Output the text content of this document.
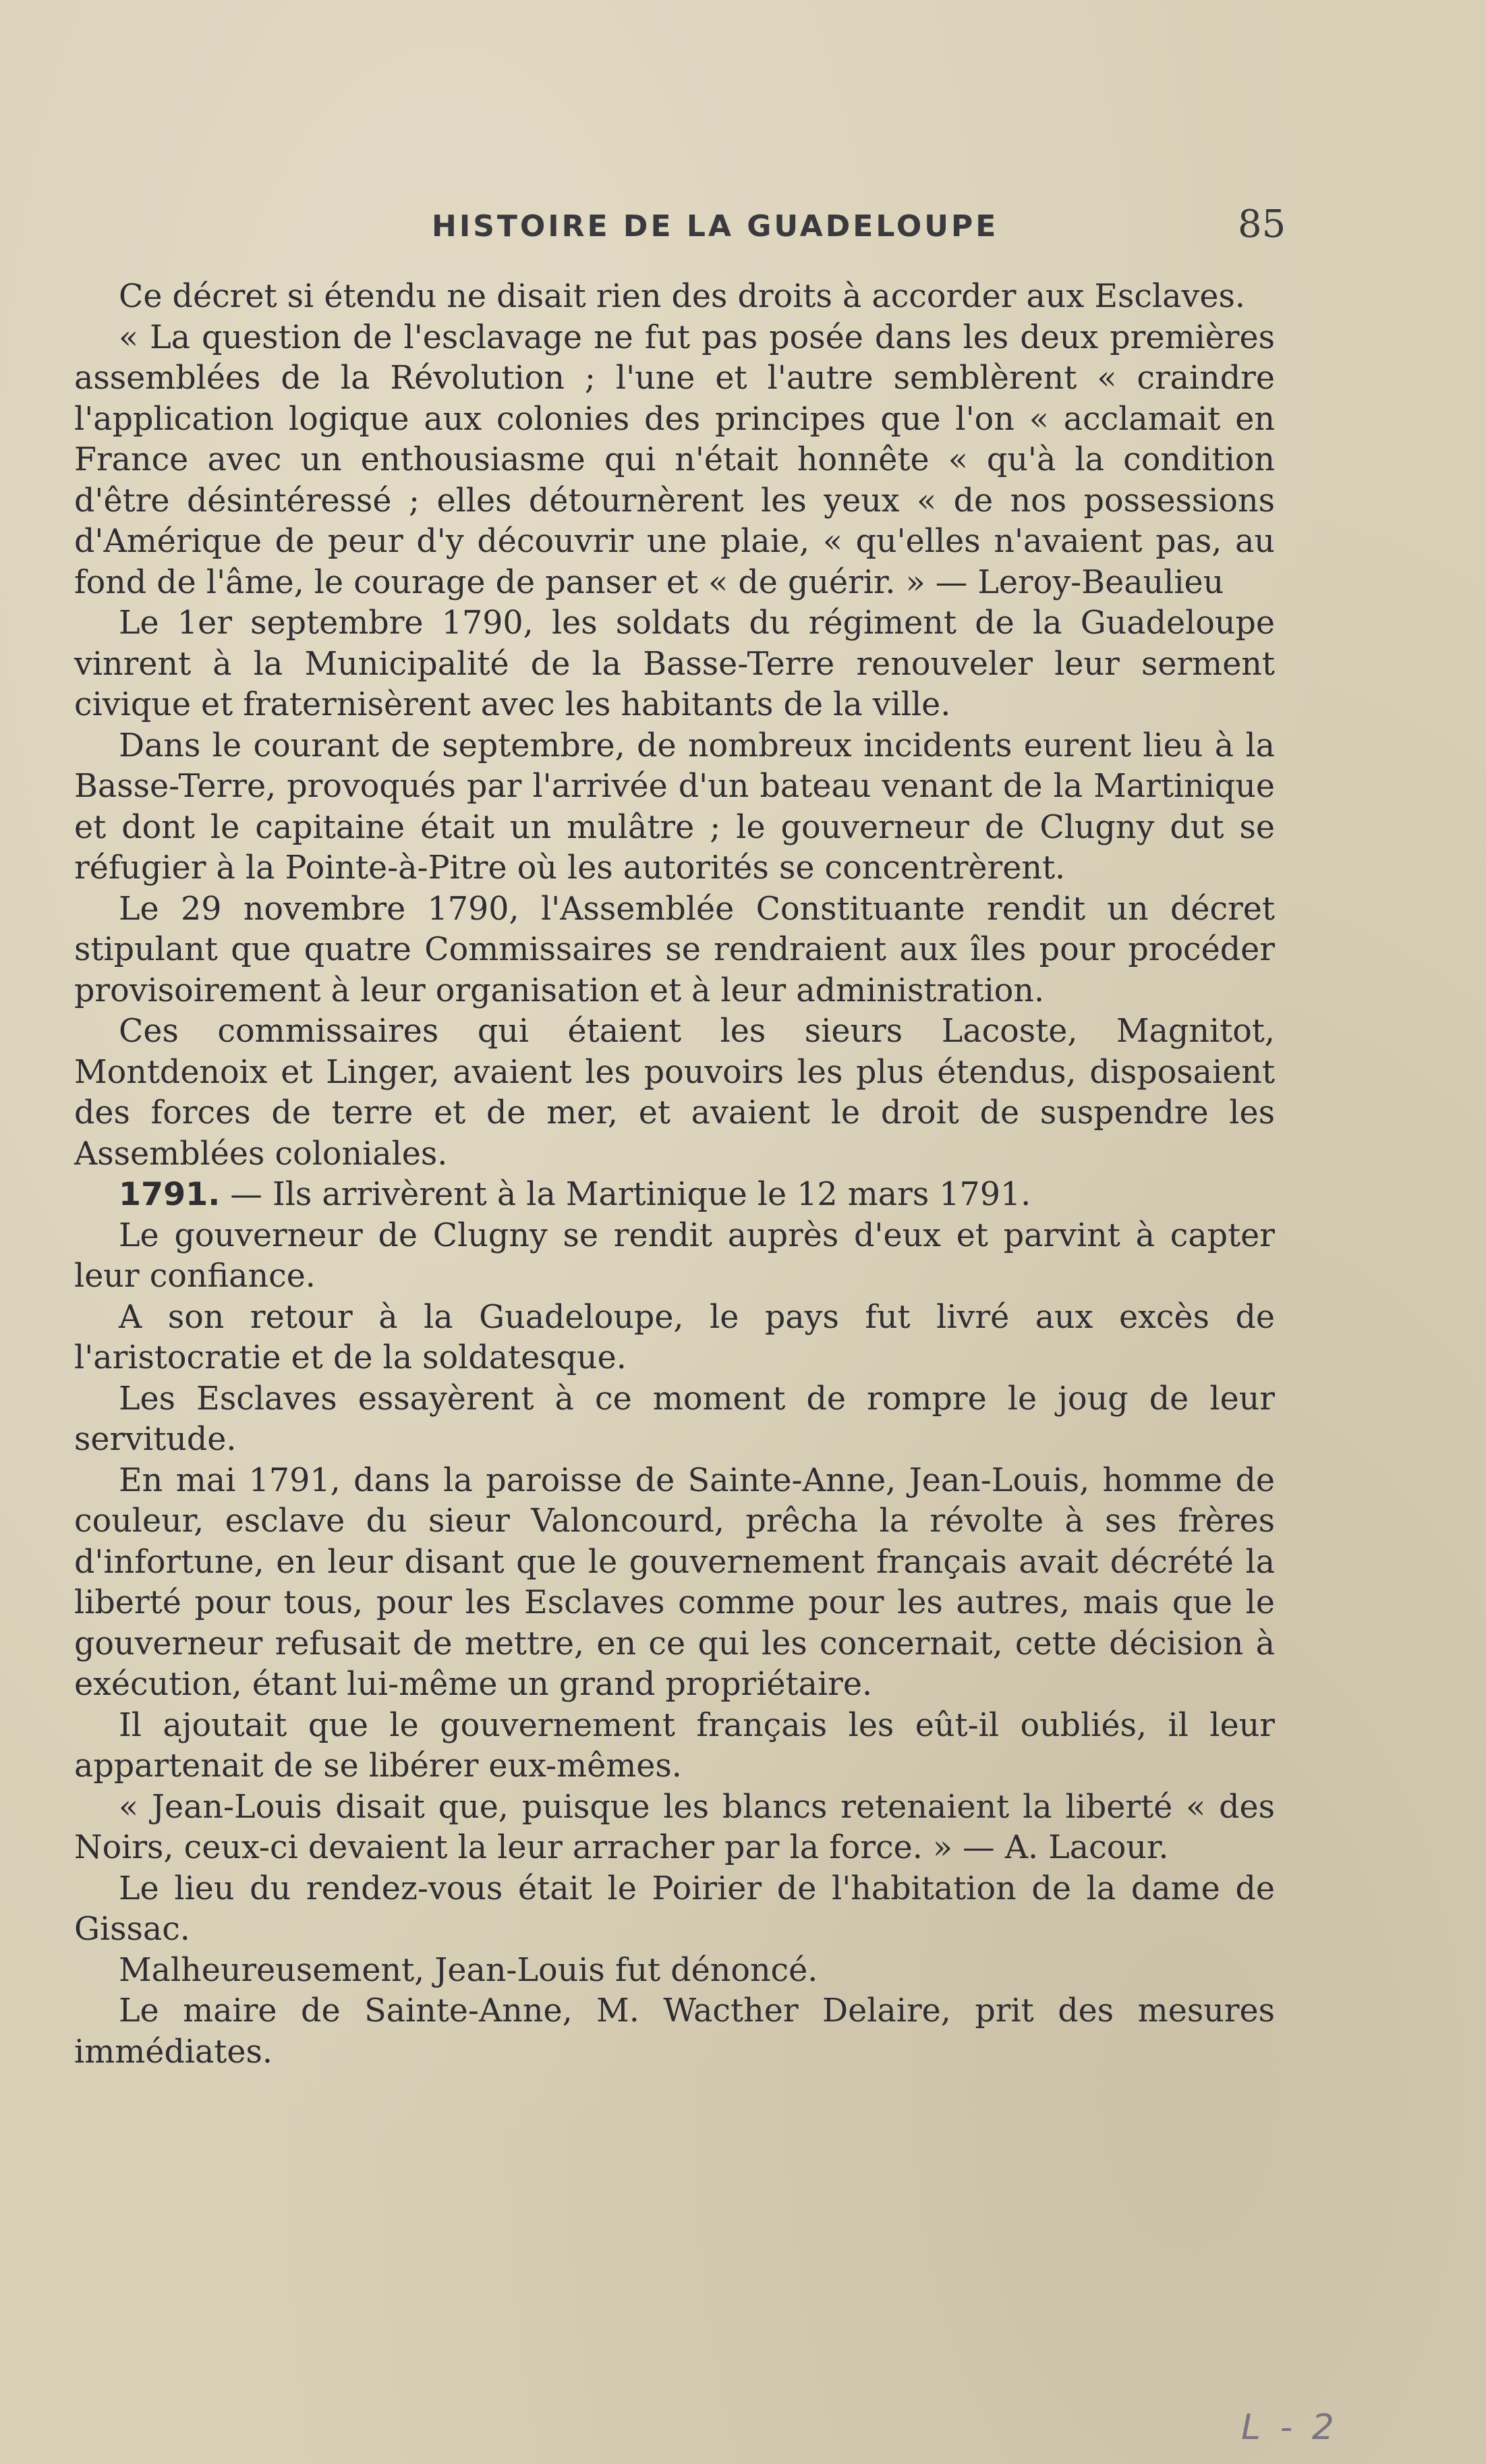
HISTOIRE DE LA GUADELOUPE	85

Ce décret si étendu ne disait rien des droits à accorder aux Esclaves.

« La question de l'esclavage ne fut pas posée dans les deux premières assemblées de la Révolution ; l'une et l'autre semblèrent « craindre l'application logique aux colonies des principes que l'on « acclamait en France avec un enthousiasme qui n'était honnête « qu'à la condition d'être désintéressé ; elles détournèrent les yeux « de nos possessions d'Amérique de peur d'y découvrir une plaie, « qu'elles n'avaient pas, au fond de l'âme, le courage de panser et « de guérir. » — Leroy-Beaulieu

Le 1er septembre 1790, les soldats du régiment de la Guadeloupe vinrent à la Municipalité de la Basse-Terre renouveler leur serment civique et fraternisèrent avec les habitants de la ville.

Dans le courant de septembre, de nombreux incidents eurent lieu à la Basse-Terre, provoqués par l'arrivée d'un bateau venant de la Martinique et dont le capitaine était un mulâtre ; le gouverneur de Clugny dut se réfugier à la Pointe-à-Pitre où les autorités se concentrèrent.

Le 29 novembre 1790, l'Assemblée Constituante rendit un décret stipulant que quatre Commissaires se rendraient aux îles pour procéder provisoirement à leur organisation et à leur administration.

Ces commissaires qui étaient les sieurs Lacoste, Magnitot, Montdenoix et Linger, avaient les pouvoirs les plus étendus, disposaient des forces de terre et de mer, et avaient le droit de suspendre les Assemblées coloniales.

1791. — Ils arrivèrent à la Martinique le 12 mars 1791.

Le gouverneur de Clugny se rendit auprès d'eux et parvint à capter leur confiance.

A son retour à la Guadeloupe, le pays fut livré aux excès de l'aristocratie et de la soldatesque.

Les Esclaves essayèrent à ce moment de rompre le joug de leur servitude.

En mai 1791, dans la paroisse de Sainte-Anne, Jean-Louis, homme de couleur, esclave du sieur Valoncourd, prêcha la révolte à ses frères d'infortune, en leur disant que le gouvernement français avait décrété la liberté pour tous, pour les Esclaves comme pour les autres, mais que le gouverneur refusait de mettre, en ce qui les concernait, cette décision à exécution, étant lui-même un grand propriétaire.

Il ajoutait que le gouvernement français les eût-il oubliés, il leur appartenait de se libérer eux-mêmes.

« Jean-Louis disait que, puisque les blancs retenaient la liberté « des Noirs, ceux-ci devaient la leur arracher par la force. » — A. Lacour.

Le lieu du rendez-vous était le Poirier de l'habitation de la dame de Gissac.

Malheureusement, Jean-Louis fut dénoncé.

Le maire de Sainte-Anne, M. Wacther Delaire, prit des mesures immédiates.

L - 2
